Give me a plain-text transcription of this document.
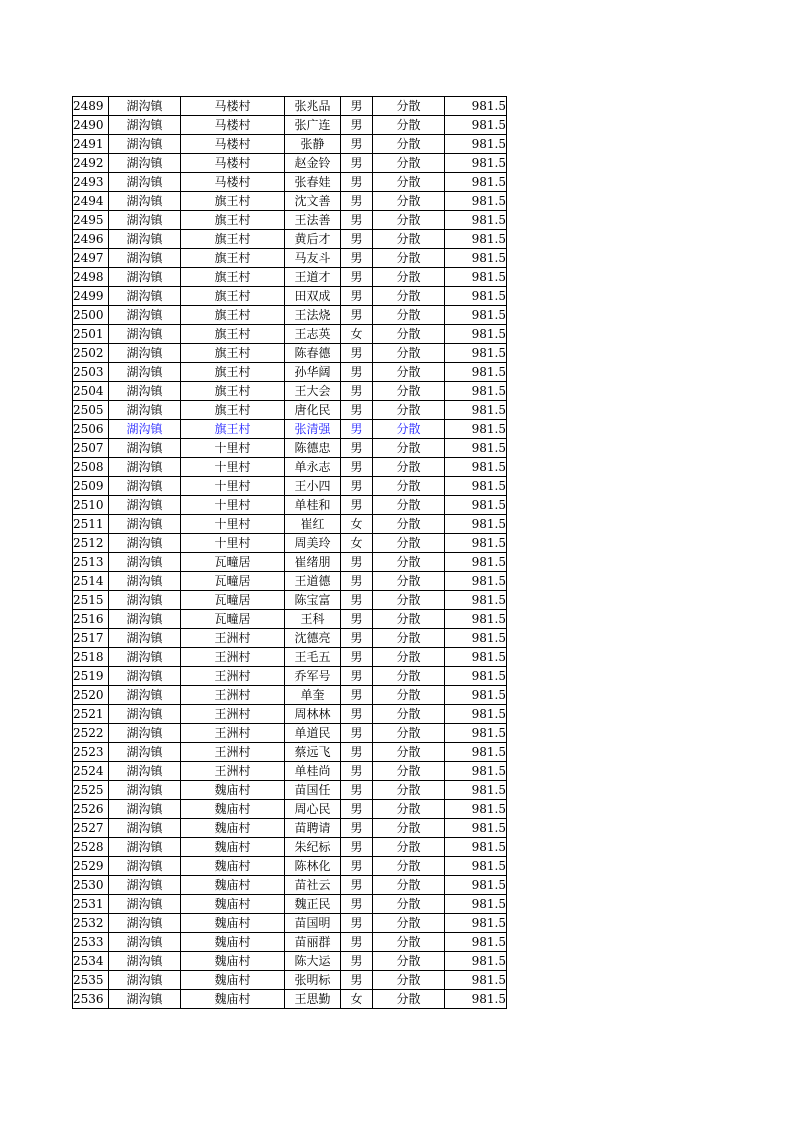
2489	湖沟镇	马楼村	张兆品	男	分散	981.5
2490	湖沟镇	马楼村	张广连	男	分散	981.5
2491	湖沟镇	马楼村	张静	男	分散	981.5
2492	湖沟镇	马楼村	赵金铃	男	分散	981.5
2493	湖沟镇	马楼村	张春娃	男	分散	981.5
2494	湖沟镇	旗王村	沈文善	男	分散	981.5
2495	湖沟镇	旗王村	王法善	男	分散	981.5
2496	湖沟镇	旗王村	黄后才	男	分散	981.5
2497	湖沟镇	旗王村	马友斗	男	分散	981.5
2498	湖沟镇	旗王村	王道才	男	分散	981.5
2499	湖沟镇	旗王村	田双成	男	分散	981.5
2500	湖沟镇	旗王村	王法烧	男	分散	981.5
2501	湖沟镇	旗王村	王志英	女	分散	981.5
2502	湖沟镇	旗王村	陈春德	男	分散	981.5
2503	湖沟镇	旗王村	孙华阔	男	分散	981.5
2504	湖沟镇	旗王村	王大会	男	分散	981.5
2505	湖沟镇	旗王村	唐化民	男	分散	981.5
2506	湖沟镇	旗王村	张清强	男	分散	981.5
2507	湖沟镇	十里村	陈德忠	男	分散	981.5
2508	湖沟镇	十里村	单永志	男	分散	981.5
2509	湖沟镇	十里村	王小四	男	分散	981.5
2510	湖沟镇	十里村	单桂和	男	分散	981.5
2511	湖沟镇	十里村	崔红	女	分散	981.5
2512	湖沟镇	十里村	周美玲	女	分散	981.5
2513	湖沟镇	瓦疃居	崔绪朋	男	分散	981.5
2514	湖沟镇	瓦疃居	王道德	男	分散	981.5
2515	湖沟镇	瓦疃居	陈宝富	男	分散	981.5
2516	湖沟镇	瓦疃居	王科	男	分散	981.5
2517	湖沟镇	王洲村	沈德亮	男	分散	981.5
2518	湖沟镇	王洲村	王毛五	男	分散	981.5
2519	湖沟镇	王洲村	乔军号	男	分散	981.5
2520	湖沟镇	王洲村	单奎	男	分散	981.5
2521	湖沟镇	王洲村	周林林	男	分散	981.5
2522	湖沟镇	王洲村	单道民	男	分散	981.5
2523	湖沟镇	王洲村	蔡远飞	男	分散	981.5
2524	湖沟镇	王洲村	单桂尚	男	分散	981.5
2525	湖沟镇	魏庙村	苗国任	男	分散	981.5
2526	湖沟镇	魏庙村	周心民	男	分散	981.5
2527	湖沟镇	魏庙村	苗聘请	男	分散	981.5
2528	湖沟镇	魏庙村	朱纪标	男	分散	981.5
2529	湖沟镇	魏庙村	陈林化	男	分散	981.5
2530	湖沟镇	魏庙村	苗社云	男	分散	981.5
2531	湖沟镇	魏庙村	魏正民	男	分散	981.5
2532	湖沟镇	魏庙村	苗国明	男	分散	981.5
2533	湖沟镇	魏庙村	苗丽群	男	分散	981.5
2534	湖沟镇	魏庙村	陈大运	男	分散	981.5
2535	湖沟镇	魏庙村	张明标	男	分散	981.5
2536	湖沟镇	魏庙村	王思勤	女	分散	981.5
